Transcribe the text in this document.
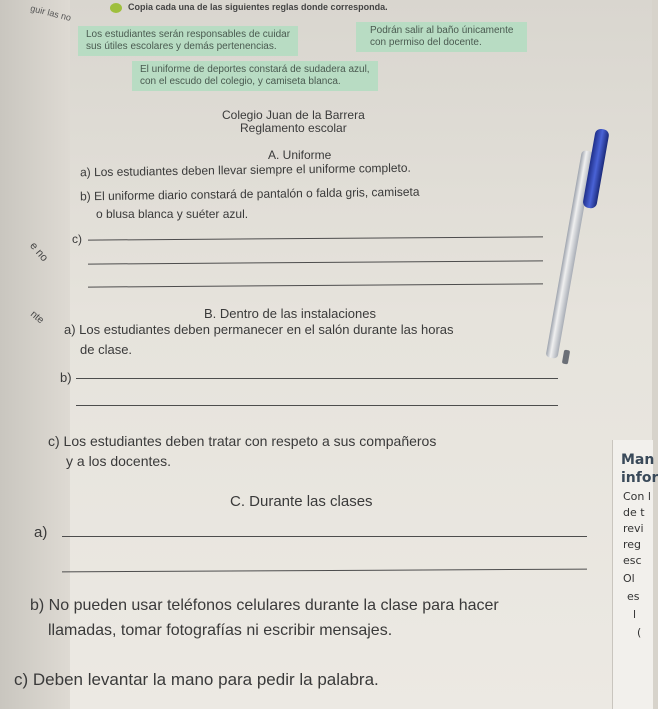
Copia cada una de las siguientes reglas donde corresponda.
guir las no
e no
nte
Los estudiantes serán responsables de cuidar
sus útiles escolares y demás pertenencias.
Podrán salir al baño únicamente
con permiso del docente.
El uniforme de deportes constará de sudadera azul,
con el escudo del colegio, y camiseta blanca.
Colegio Juan de la Barrera
Reglamento escolar
A. Uniforme
a) Los estudiantes deben llevar siempre el uniforme completo.
b) El uniforme diario constará de pantalón o falda gris, camiseta
o blusa blanca y suéter azul.
c)
B. Dentro de las instalaciones
a) Los estudiantes deben permanecer en el salón durante las horas
de clase.
b)
c) Los estudiantes deben tratar con respeto a sus compañeros
y a los docentes.
C. Durante las clases
a)
b) No pueden usar teléfonos celulares durante la clase para hacer
llamadas, tomar fotografías ni escribir mensajes.
c) Deben levantar la mano para pedir la palabra.
Man
infor
Con l
de t
revi
reg
esc
Ol
es
l
(
